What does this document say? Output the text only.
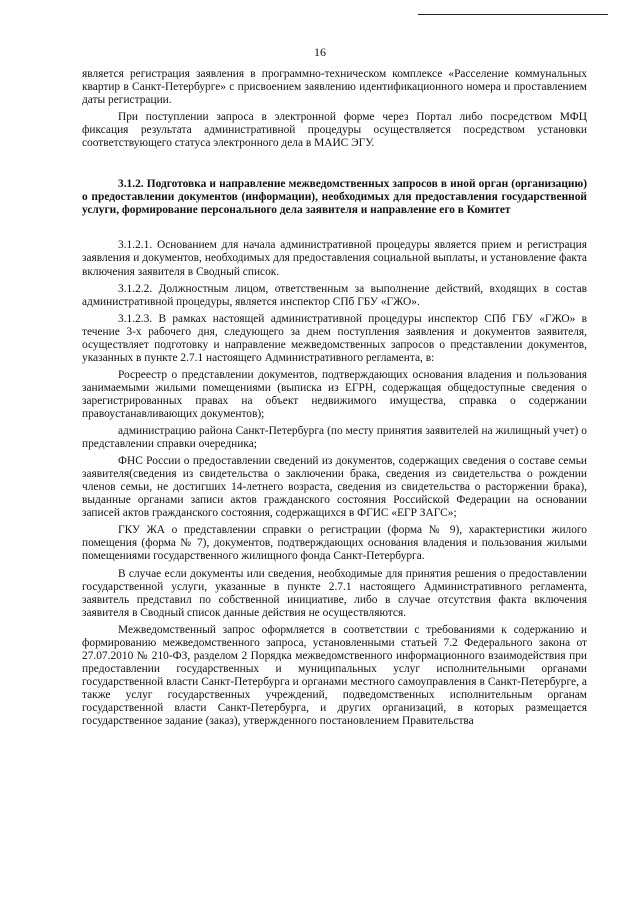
16

является регистрация заявления в программно-техническом комплексе «Расселение коммунальных квартир в Санкт-Петербурге» с присвоением заявлению идентификационного номера и проставлением даты регистрации.

При поступлении запроса в электронной форме через Портал либо посредством МФЦ фиксация результата административной процедуры осуществляется посредством установки соответствующего статуса электронного дела в МАИС ЭГУ.

3.1.2. Подготовка и направление межведомственных запросов в иной орган (организацию) о предоставлении документов (информации), необходимых для предоставления государственной услуги, формирование персонального дела заявителя и направление его в Комитет

3.1.2.1. Основанием для начала административной процедуры является прием и регистрация заявления и документов, необходимых для предоставления социальной выплаты, и установление факта включения заявителя в Сводный список.

3.1.2.2. Должностным лицом, ответственным за выполнение действий, входящих в состав административной процедуры, является инспектор СПб ГБУ «ГЖО».

3.1.2.3. В рамках настоящей административной процедуры инспектор СПб ГБУ «ГЖО» в течение 3-х рабочего дня, следующего за днем поступления заявления и документов заявителя, осуществляет подготовку и направление межведомственных запросов о представлении документов, указанных в пункте 2.7.1 настоящего Административного регламента, в:

Росреестр о представлении документов, подтверждающих основания владения и пользования занимаемыми жилыми помещениями (выписка из ЕГРН, содержащая общедоступные сведения о зарегистрированных правах на объект недвижимого имущества, справка о содержании правоустанавливающих документов);

администрацию района Санкт-Петербурга (по месту принятия заявителей на жилищный учет) о представлении справки очередника;

ФНС России о предоставлении сведений из документов, содержащих сведения о составе семьи заявителя(сведения из свидетельства о заключении брака, сведения из свидетельства о рождении членов семьи, не достигших 14-летнего возраста, сведения из свидетельства о расторжении брака), выданные органами записи актов гражданского состояния Российской Федерации на основании записей актов гражданского состояния, содержащихся в ФГИС «ЕГР ЗАГС»;

ГКУ ЖА о представлении справки о регистрации (форма № 9), характеристики жилого помещения (форма № 7), документов, подтверждающих основания владения и пользования жилыми помещениями государственного жилищного фонда Санкт-Петербурга.

В случае если документы или сведения, необходимые для принятия решения о предоставлении государственной услуги, указанные в пункте 2.7.1 настоящего Административного регламента, заявитель представил по собственной инициативе, либо в случае отсутствия факта включения заявителя в Сводный список данные действия не осуществляются.

Межведомственный запрос оформляется в соответствии с требованиями к содержанию и формированию межведомственного запроса, установленными статьей 7.2 Федерального закона от 27.07.2010 № 210-ФЗ, разделом 2 Порядка межведомственного информационного взаимодействия при предоставлении государственных и муниципальных услуг исполнительными органами государственной власти Санкт-Петербурга и органами местного самоуправления в Санкт-Петербурге, а также услуг государственных учреждений, подведомственных исполнительным органам государственной власти Санкт-Петербурга, и других организаций, в которых размещается государственное задание (заказ), утвержденного постановлением Правительства
